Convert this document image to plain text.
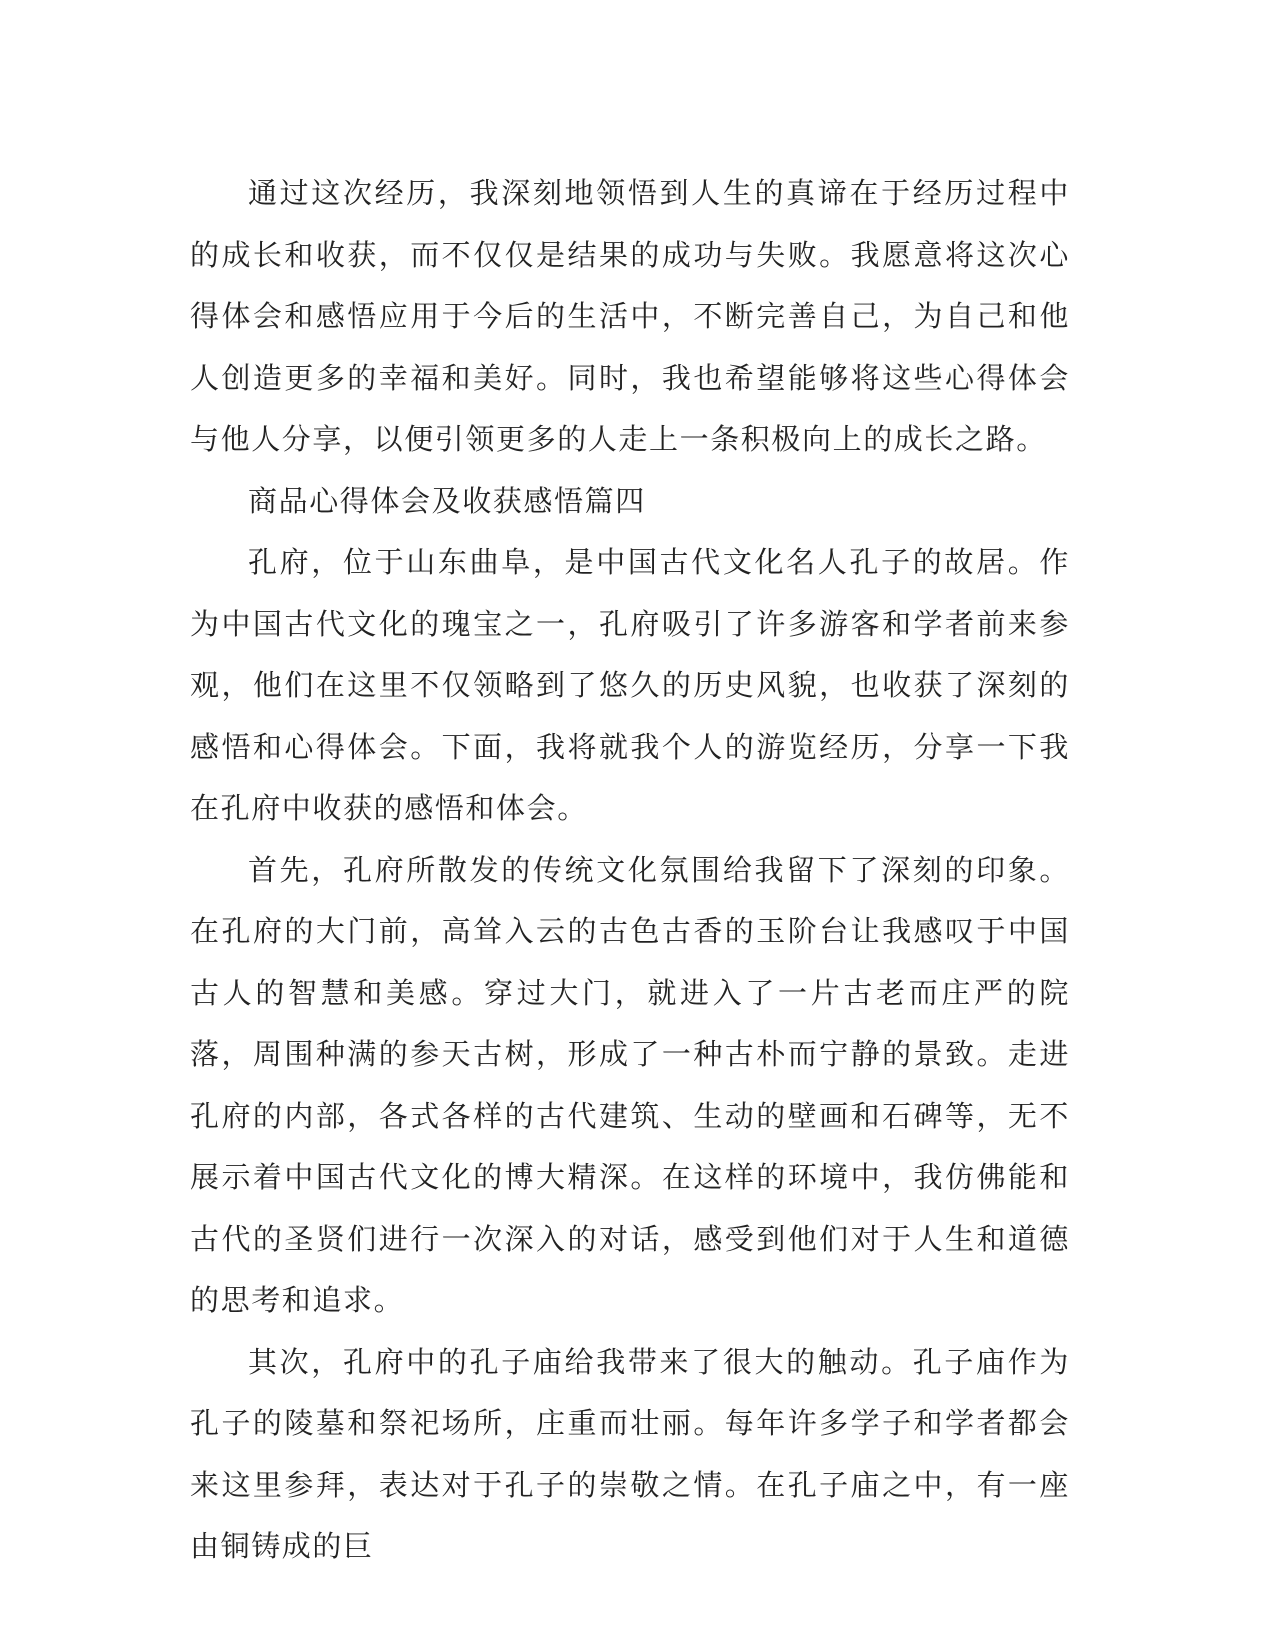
通过这次经历，我深刻地领悟到人生的真谛在于经历过程中的成长和收获，而不仅仅是结果的成功与失败。我愿意将这次心得体会和感悟应用于今后的生活中，不断完善自己，为自己和他人创造更多的幸福和美好。同时，我也希望能够将这些心得体会与他人分享，以便引领更多的人走上一条积极向上的成长之路。

商品心得体会及收获感悟篇四

孔府，位于山东曲阜，是中国古代文化名人孔子的故居。作为中国古代文化的瑰宝之一，孔府吸引了许多游客和学者前来参观，他们在这里不仅领略到了悠久的历史风貌，也收获了深刻的感悟和心得体会。下面，我将就我个人的游览经历，分享一下我在孔府中收获的感悟和体会。

首先，孔府所散发的传统文化氛围给我留下了深刻的印象。在孔府的大门前，高耸入云的古色古香的玉阶台让我感叹于中国古人的智慧和美感。穿过大门，就进入了一片古老而庄严的院落，周围种满的参天古树，形成了一种古朴而宁静的景致。走进孔府的内部，各式各样的古代建筑、生动的壁画和石碑等，无不展示着中国古代文化的博大精深。在这样的环境中，我仿佛能和古代的圣贤们进行一次深入的对话，感受到他们对于人生和道德的思考和追求。

其次，孔府中的孔子庙给我带来了很大的触动。孔子庙作为孔子的陵墓和祭祀场所，庄重而壮丽。每年许多学子和学者都会来这里参拜，表达对于孔子的崇敬之情。在孔子庙之中，有一座由铜铸成的巨
